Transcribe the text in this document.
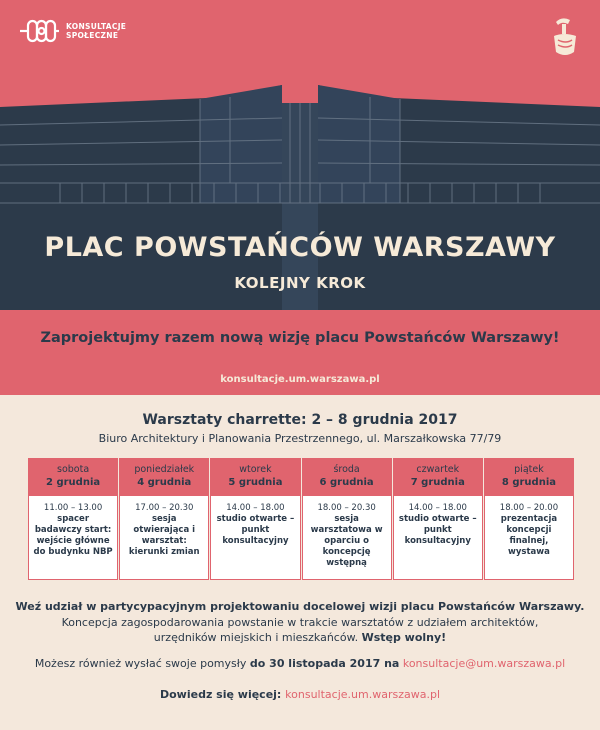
KONSULTACJE
SPOŁECZNE
PLAC POWSTAŃCÓW WARSZAWY
KOLEJNY KROK
Zaprojektujmy razem nową wizję placu Powstańców Warszawy!
konsultacje.um.warszawa.pl
Warsztaty charrette: 2 – 8 grudnia 2017
Biuro Architektury i Planowania Przestrzennego, ul. Marszałkowska 77/79
sobota
2 grudnia
11.00 – 13.00
spacer badawczy start: wejście główne do budynku NBP
poniedziałek
4 grudnia
17.00 – 20.30
sesja otwierająca i warsztat: kierunki zmian
wtorek
5 grudnia
14.00 – 18.00
studio otwarte – punkt konsultacyjny
środa
6 grudnia
18.00 – 20.30
sesja warsztatowa w oparciu o koncepcję wstępną
czwartek
7 grudnia
14.00 – 18.00
studio otwarte – punkt konsultacyjny
piątek
8 grudnia
18.00 – 20.00
prezentacja koncepcji finalnej, wystawa
Weź udział w partycypacyjnym projektowaniu docelowej wizji placu Powstańców Warszawy.
Koncepcja zagospodarowania powstanie w trakcie warsztatów z udziałem architektów,
urzędników miejskich i mieszkańców. Wstęp wolny!
Możesz również wysłać swoje pomysły do 30 listopada 2017 na konsultacje@um.warszawa.pl
Dowiedz się więcej: konsultacje.um.warszawa.pl
